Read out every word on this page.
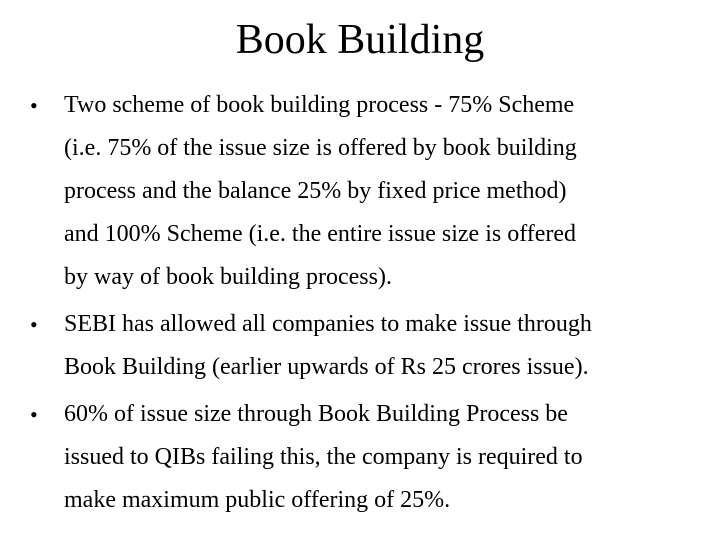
Book Building
• Two scheme of book building process - 75% Scheme
(i.e. 75% of the issue size is offered by book building
process and the balance 25% by fixed price method)
and 100% Scheme (i.e. the entire issue size is offered
by way of book building process).
• SEBI has allowed all companies to make issue through
Book Building (earlier upwards of Rs 25 crores issue).
• 60% of issue size through Book Building Process be
issued to QIBs failing this, the company is required to
make maximum public offering of 25%.
